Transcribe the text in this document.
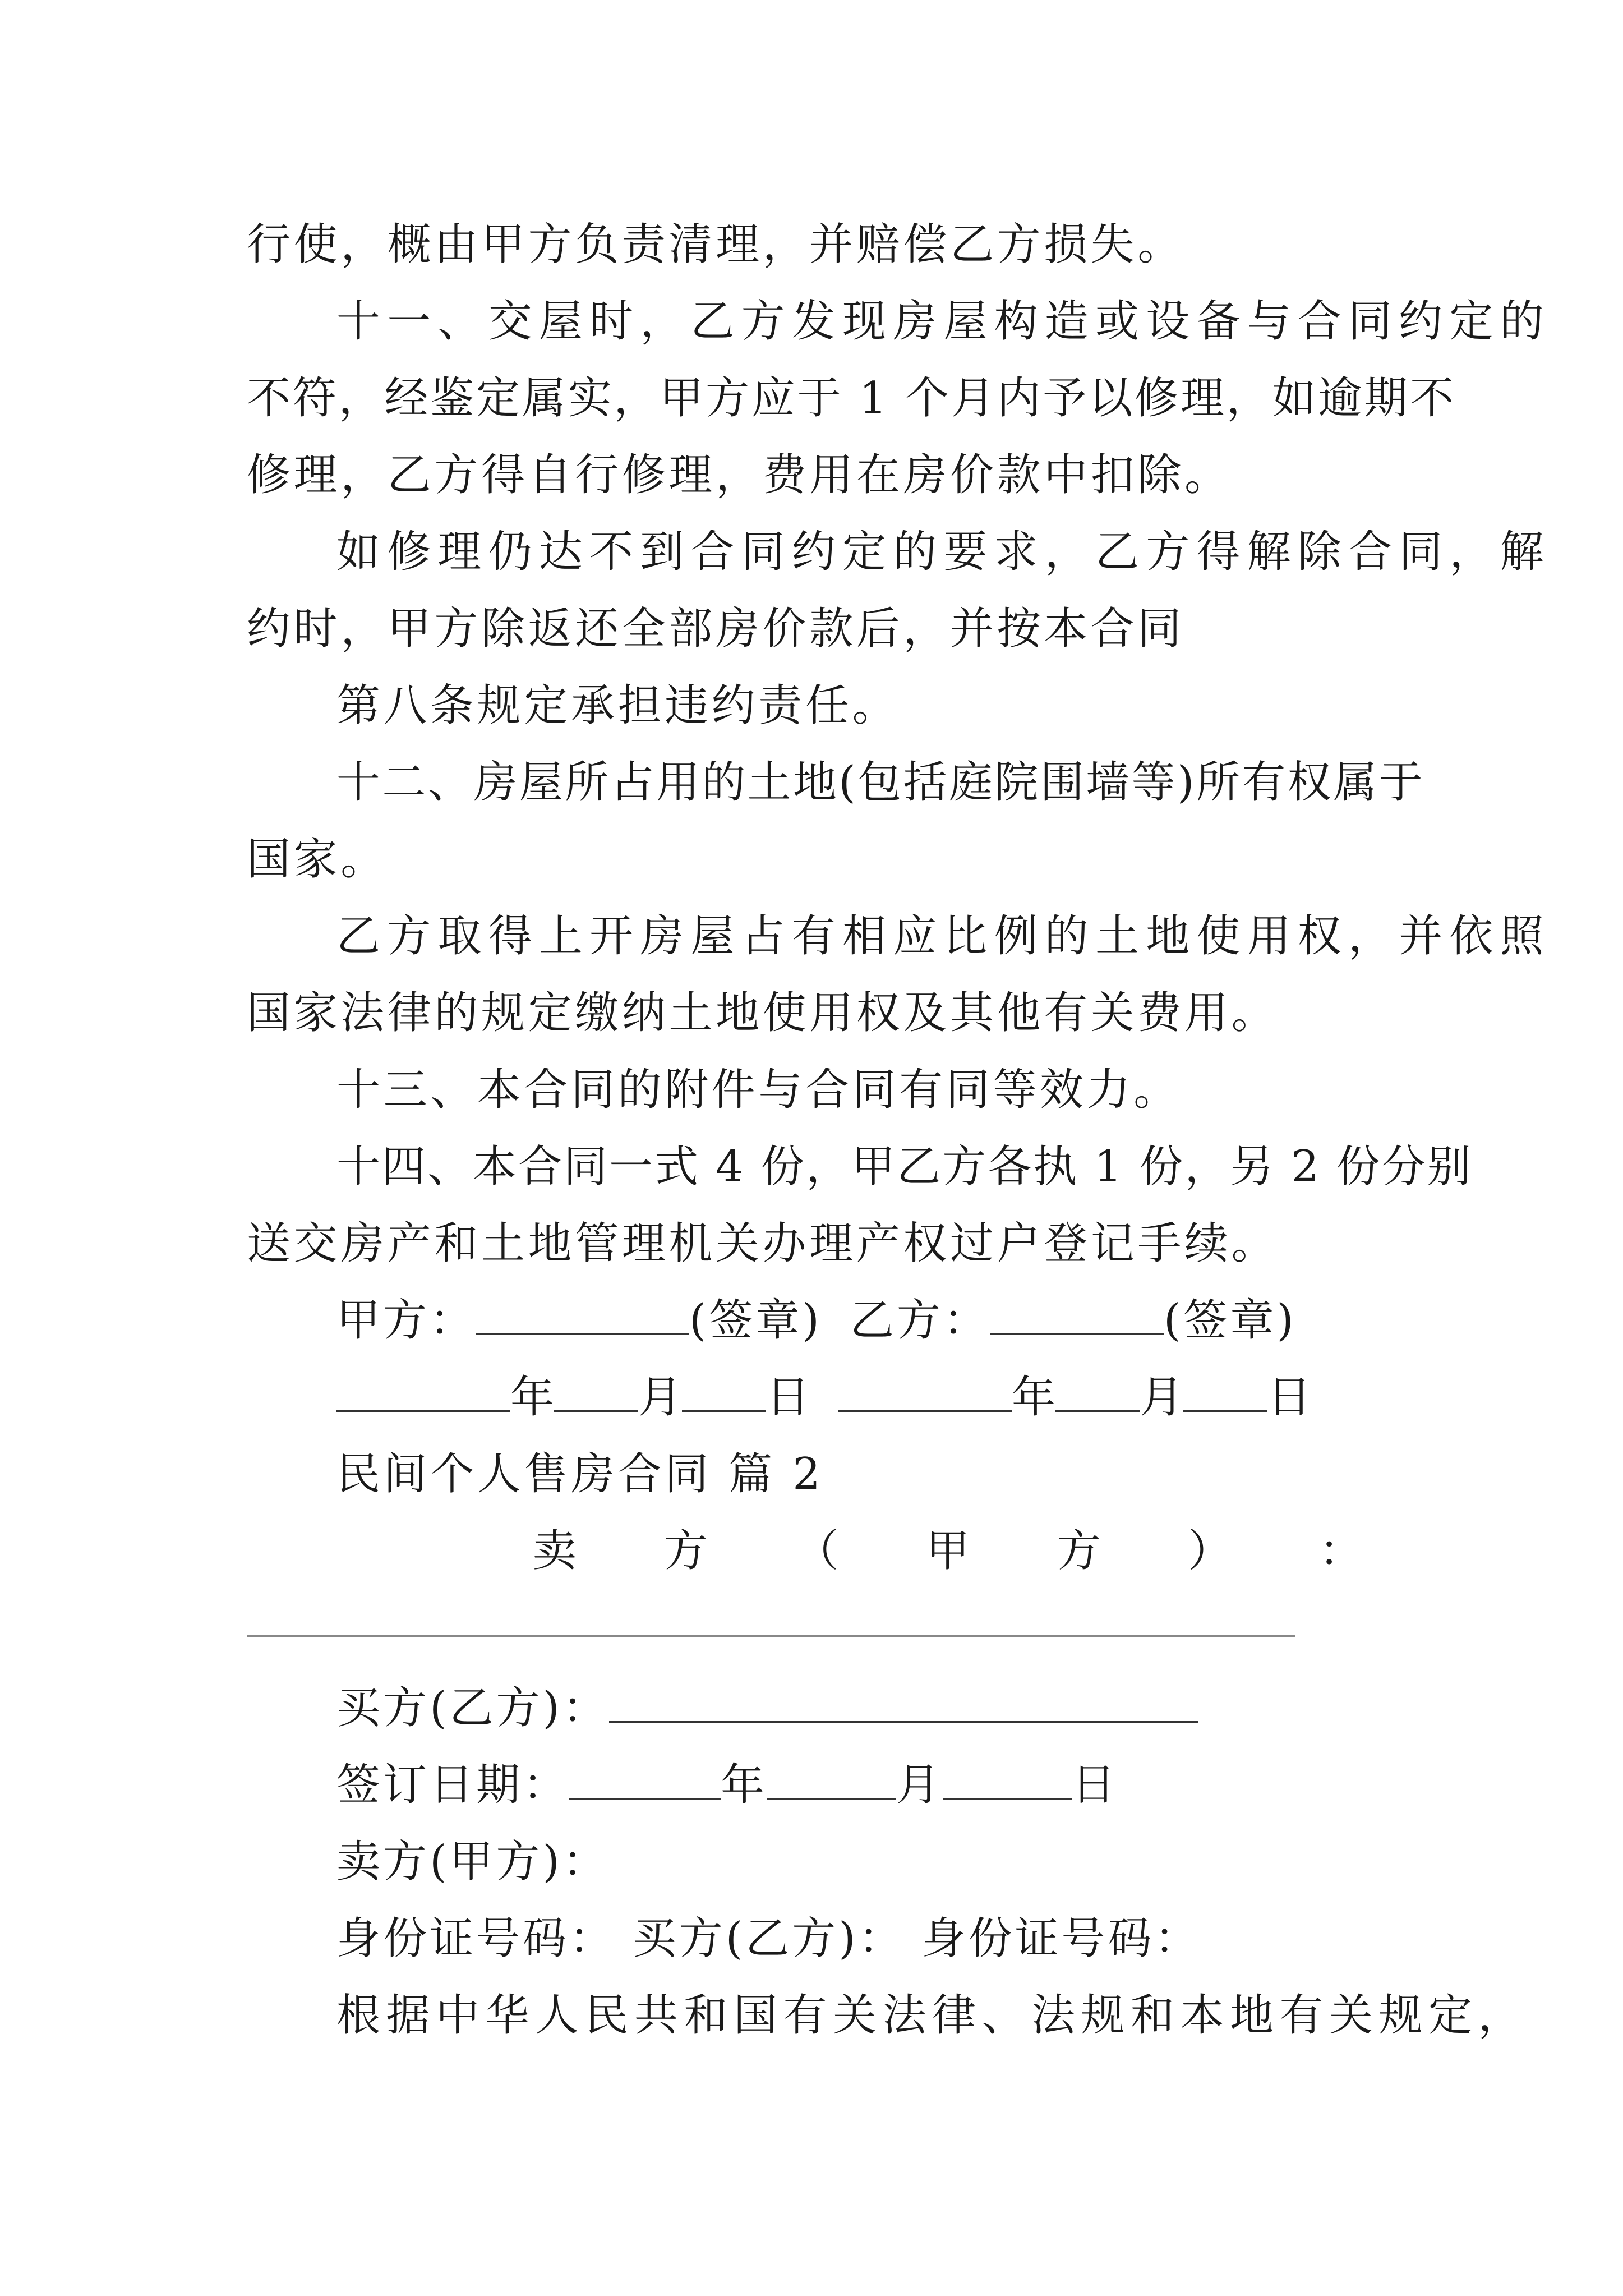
行使，概由甲方负责清理，并赔偿乙方损失。
十一、交屋时，乙方发现房屋构造或设备与合同约定的
不符，经鉴定属实，甲方应于 1 个月内予以修理，如逾期不
修理，乙方得自行修理，费用在房价款中扣除。
如修理仍达不到合同约定的要求，乙方得解除合同，解
约时，甲方除返还全部房价款后，并按本合同
第八条规定承担违约责任。
十二、房屋所占用的土地(包括庭院围墙等)所有权属于
国家。
乙方取得上开房屋占有相应比例的土地使用权，并依照
国家法律的规定缴纳土地使用权及其他有关费用。
十三、本合同的附件与合同有同等效力。
十四、本合同一式 4 份，甲乙方各执 1 份，另 2 份分别
送交房产和土地管理机关办理产权过户登记手续。
甲方：	(签章) 乙方：	(签章)
年 月 日	年 月 日
民间个人售房合同 篇 2
卖 方 （ 甲 方 ） ：
买方(乙方)：
签订日期：	年	月	日
卖方(甲方)：
身份证号码： 买方(乙方)： 身份证号码：
根据中华人民共和国有关法律、法规和本地有关规定，
